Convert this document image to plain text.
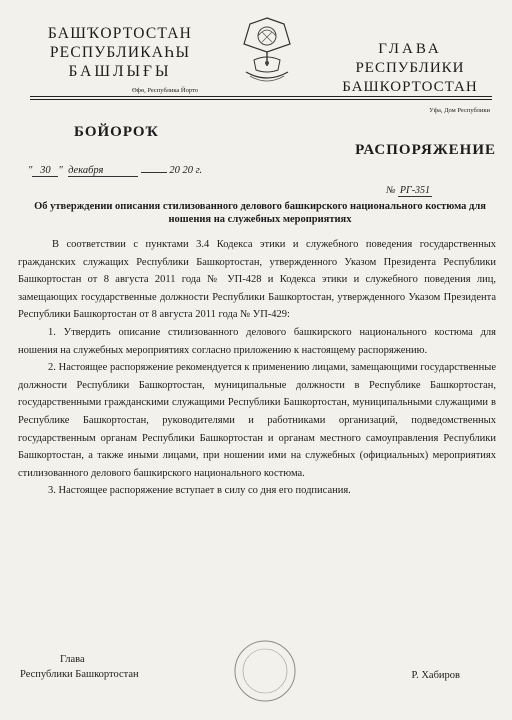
БАШҠОРТОСТАН
РЕСПУБЛИКАҺЫ
БАШЛЫҒЫ
Өфө, Республика Йорто
ГЛАВА
РЕСПУБЛИКИ
БАШКОРТОСТАН
Уфа, Дом Республики
БОЙОРОҠ
РАСПОРЯЖЕНИЕ
" 30 "  декабря	20 20 г.
№ РГ-351
Об утверждении описания стилизованного делового башкирского национального костюма для ношения на служебных мероприятиях

В соответствии с пунктами 3.4 Кодекса этики и служебного поведения государственных гражданских служащих Республики Башкортостан, утвержденного Указом Президента Республики Башкортостан от 8 августа 2011 года № УП-428 и Кодекса этики и служебного поведения лиц, замещающих государственные должности Республики Башкортостан, утвержденного Указом Президента Республики Башкортостан от 8 августа 2011 года № УП-429:

1. Утвердить описание стилизованного делового башкирского национального костюма для ношения на служебных мероприятиях согласно приложению к настоящему распоряжению.

2. Настоящее распоряжение рекомендуется к применению лицами, замещающими государственные должности Республики Башкортостан, муниципальные должности в Республике Башкортостан, государственными гражданскими служащими Республики Башкортостан, муниципальными служащими в Республике Башкортостан, руководителями и работниками организаций, подведомственных государственным органам Республики Башкортостан и органам местного самоуправления Республики Башкортостан, а также иными лицами, при ношении ими на служебных (официальных) мероприятиях стилизованного делового башкирского национального костюма.

3. Настоящее распоряжение вступает в силу со дня его подписания.

Глава
Республики Башкортостан	Р. Хабиров
